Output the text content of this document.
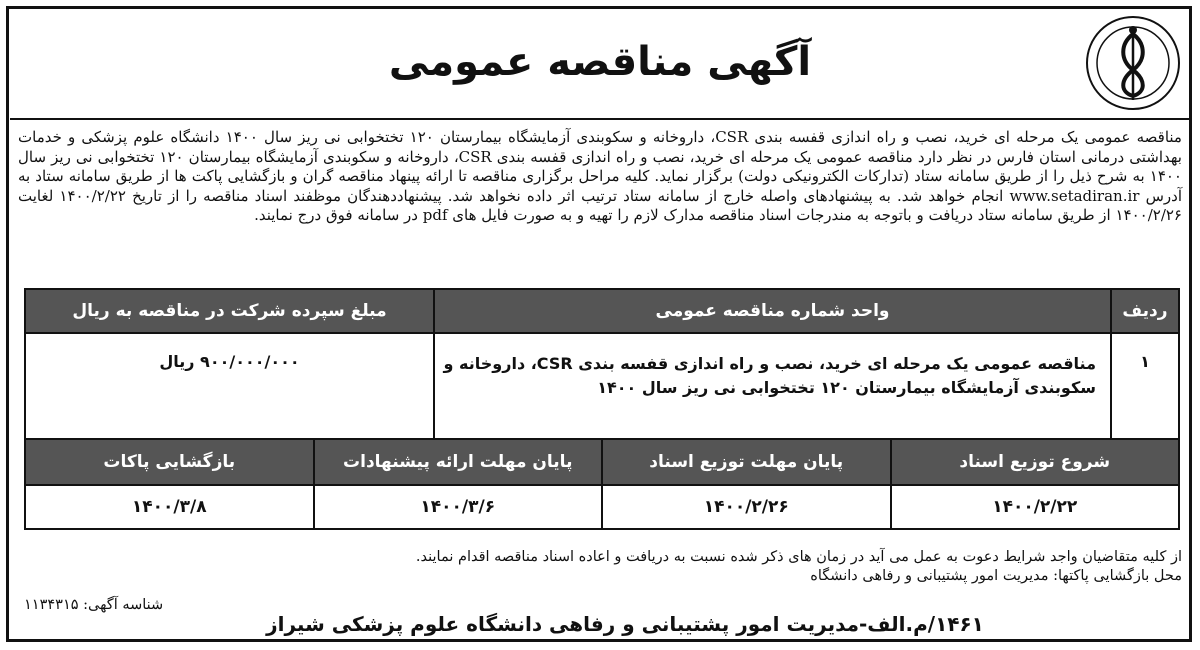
آگهی مناقصه عمومی
مناقصه عمومی یک مرحله ای خرید، نصب و راه اندازی قفسه بندی CSR، داروخانه و سکوبندی آزمایشگاه بیمارستان ۱۲۰ تختخوابی نی ریز سال ۱۴۰۰ دانشگاه علوم پزشکی و خدمات بهداشتی درمانی استان فارس در نظر دارد مناقصه عمومی یک مرحله ای خرید، نصب و راه اندازی قفسه بندی CSR، داروخانه و سکوبندی آزمایشگاه بیمارستان ۱۲۰ تختخوابی نی ریز سال ۱۴۰۰ به شرح ذیل را از طریق سامانه ستاد (تدارکات الکترونیکی دولت) برگزار نماید. کلیه مراحل برگزاری مناقصه تا ارائه پینهاد مناقصه گران و بازگشایی پاکت ها از طریق سامانه ستاد به آدرس www.setadiran.ir انجام خواهد شد. به پیشنهادهای واصله خارج از سامانه ستاد ترتیب اثر داده نخواهد شد. پیشنهاددهندگان موظفند اسناد مناقصه را از تاریخ ۱۴۰۰/۲/۲۲ لغایت ۱۴۰۰/۲/۲۶ از طریق سامانه ستاد دریافت و باتوجه به مندرجات اسناد مناقصه مدارک لازم را تهیه و به صورت فایل های pdf در سامانه فوق درج نمایند.
ردیف	واحد شماره مناقصه عمومی	مبلغ سپرده شرکت در مناقصه به ریال
۱	مناقصه عمومی یک مرحله ای خرید، نصب و راه اندازی قفسه بندی CSR، داروخانه و سکوبندی آزمایشگاه بیمارستان ۱۲۰ تختخوابی نی ریز سال ۱۴۰۰	۹۰۰/۰۰۰/۰۰۰ ریال
شروع توزیع اسناد	پایان مهلت توزیع اسناد	پایان مهلت ارائه پیشنهادات	بازگشایی پاکات
۱۴۰۰/۲/۲۲	۱۴۰۰/۲/۲۶	۱۴۰۰/۳/۶	۱۴۰۰/۳/۸
از کلیه متقاضیان واجد شرایط دعوت به عمل می آید در زمان های ذکر شده نسبت به دریافت و اعاده اسناد مناقصه اقدام نمایند.
محل بازگشایی پاکتها: مدیریت امور پشتیبانی و رفاهی دانشگاه
شناسه آگهی: ۱۱۳۴۳۱۵
۱۴۶۱/م.الف-مدیریت امور پشتیبانی و رفاهی دانشگاه علوم پزشکی شیراز
